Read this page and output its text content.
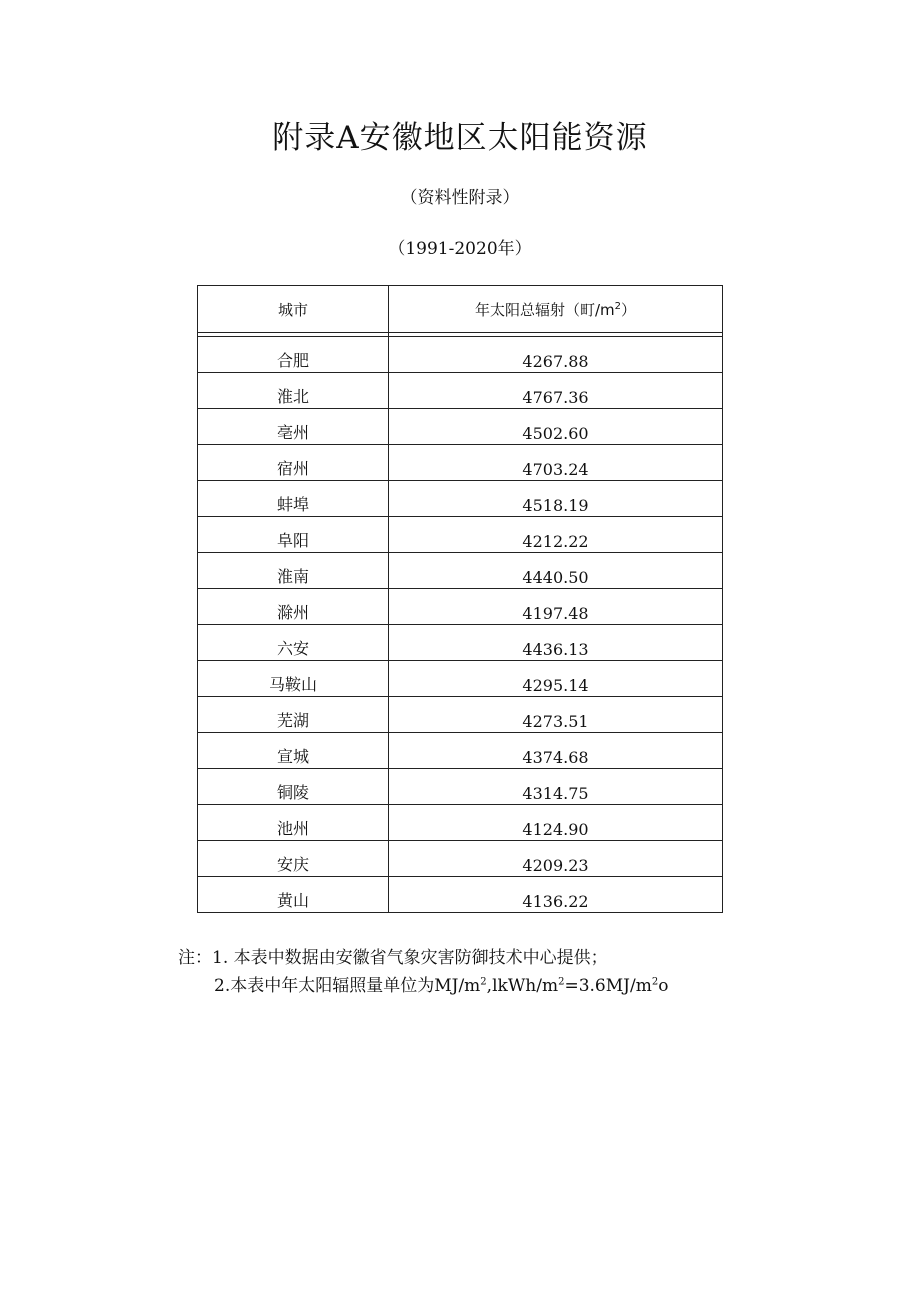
附录A安徽地区太阳能资源
（资料性附录）
（1991-2020年）
城市	年太阳总辐射（町$/m^2$）

合肥	4267.88
淮北	4767.36
亳州	4502.60
宿州	4703.24
蚌埠	4518.19
阜阳	4212.22
淮南	4440.50
滁州	4197.48
六安	4436.13
马鞍山	4295.14
芜湖	4273.51
宣城	4374.68
铜陵	4314.75
池州	4124.90
安庆	4209.23
黄山	4136.22
注：1. 本表中数据由安徽省气象灾害防御技术中心提供；
2.本表中年太阳辐照量单位为$MJ/m^2,lkWh/m^2=3.6MJ/m^2o$
